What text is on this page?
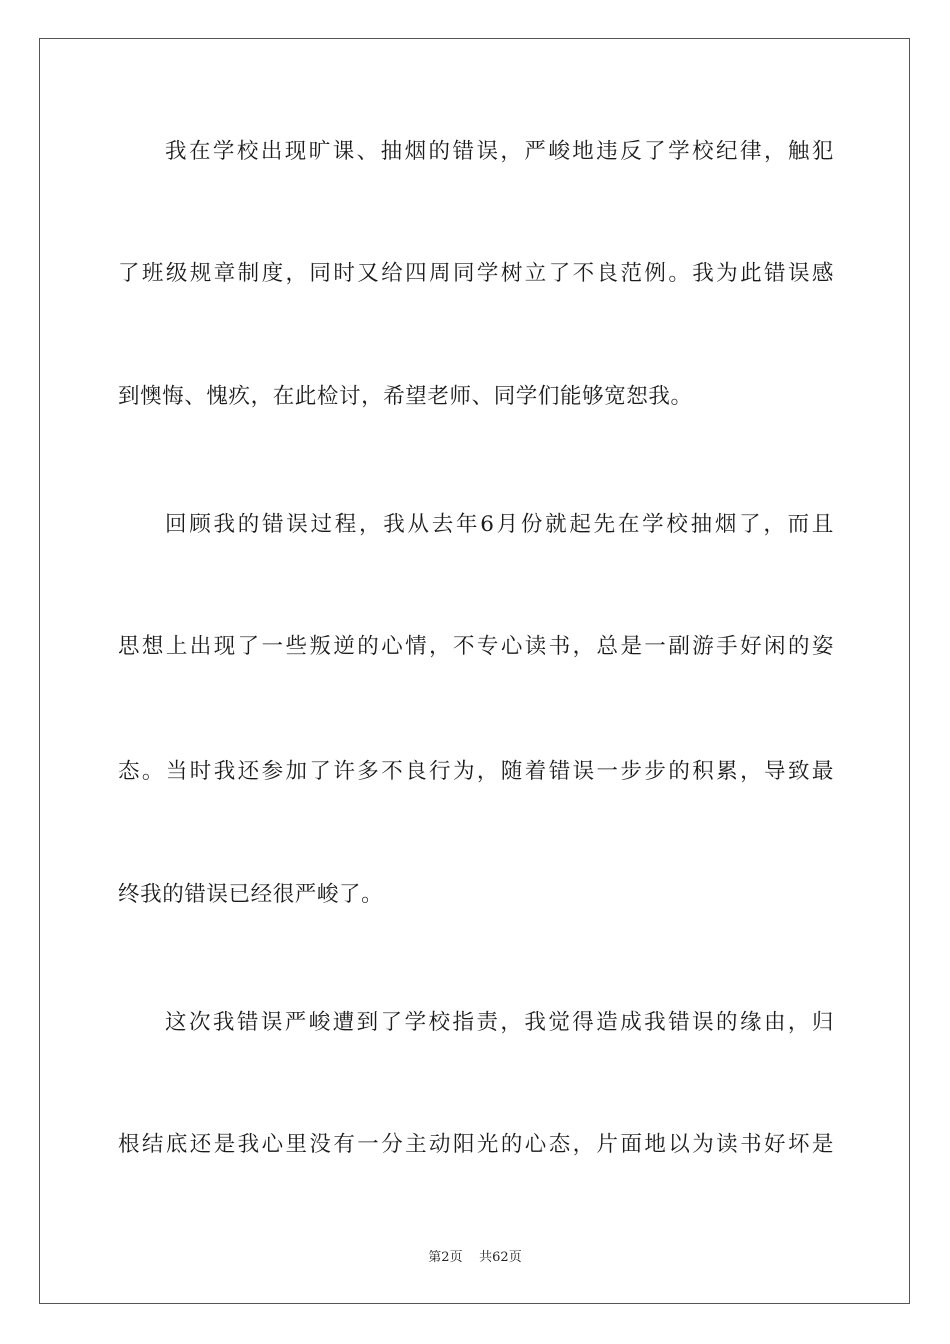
我在学校出现旷课、抽烟的错误，严峻地违反了学校纪律，触犯
了班级规章制度，同时又给四周同学树立了不良范例。我为此错误感
到懊悔、愧疚，在此检讨，希望老师、同学们能够宽恕我。
回顾我的错误过程，我从去年6月份就起先在学校抽烟了，而且
思想上出现了一些叛逆的心情，不专心读书，总是一副游手好闲的姿
态。当时我还参加了许多不良行为，随着错误一步步的积累，导致最
终我的错误已经很严峻了。
这次我错误严峻遭到了学校指责，我觉得造成我错误的缘由，归
根结底还是我心里没有一分主动阳光的心态，片面地以为读书好坏是
第2页 共62页
